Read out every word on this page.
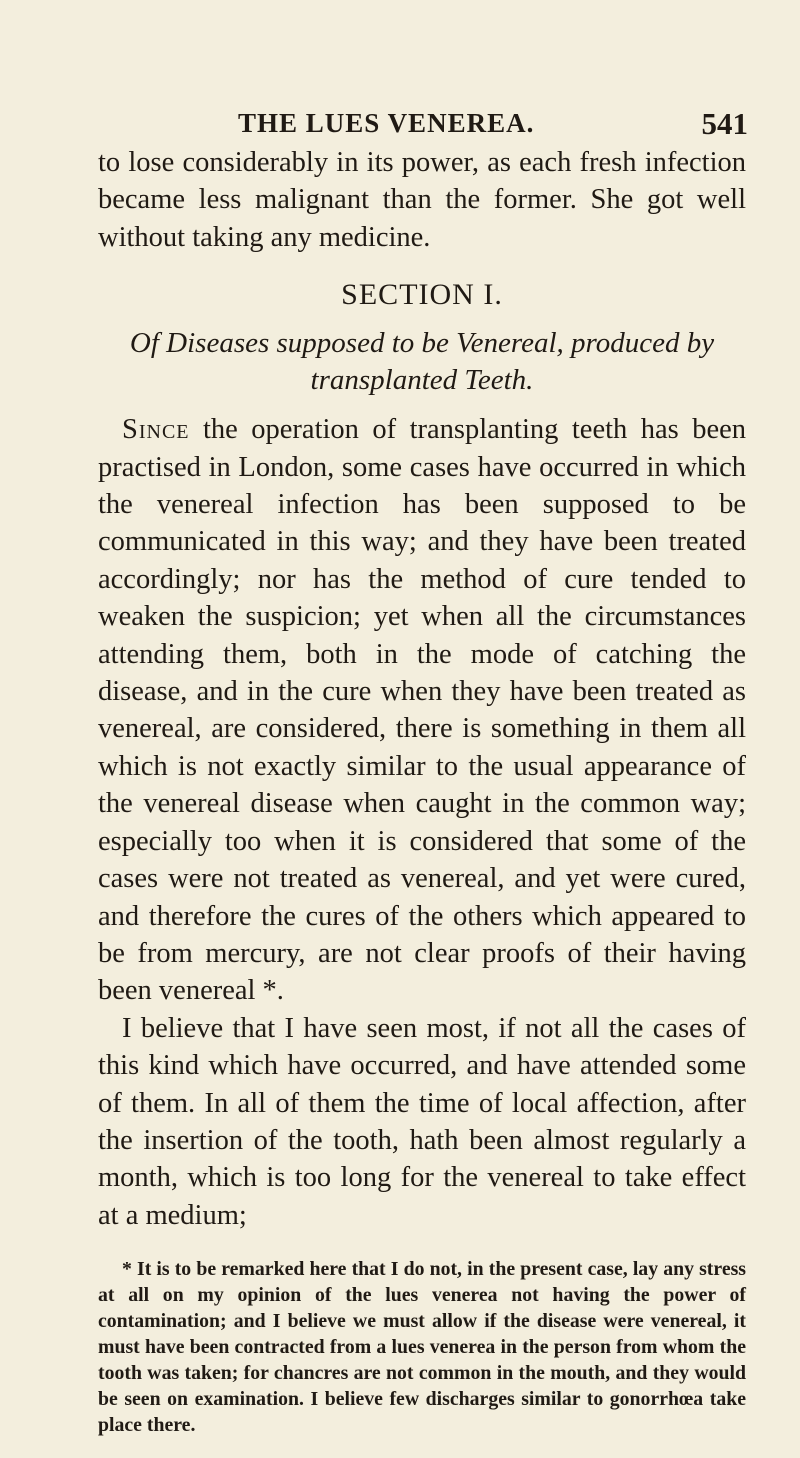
THE LUES VENEREA.	541

to lose considerably in its power, as each fresh infection became less malignant than the former. She got well without taking any medicine.

SECTION I.
Of Diseases supposed to be Venereal, produced by transplanted Teeth.

Since the operation of transplanting teeth has been practised in London, some cases have occurred in which the venereal infection has been supposed to be communicated in this way; and they have been treated accordingly; nor has the method of cure tended to weaken the suspicion; yet when all the circumstances attending them, both in the mode of catching the disease, and in the cure when they have been treated as venereal, are considered, there is something in them all which is not exactly similar to the usual appearance of the venereal disease when caught in the common way; especially too when it is considered that some of the cases were not treated as venereal, and yet were cured, and therefore the cures of the others which appeared to be from mercury, are not clear proofs of their having been venereal *.

I believe that I have seen most, if not all the cases of this kind which have occurred, and have attended some of them. In all of them the time of local affection, after the insertion of the tooth, hath been almost regularly a month, which is too long for the venereal to take effect at a medium;

* It is to be remarked here that I do not, in the present case, lay any stress at all on my opinion of the lues venerea not having the power of contamination; and I believe we must allow if the disease were venereal, it must have been contracted from a lues venerea in the person from whom the tooth was taken; for chancres are not common in the mouth, and they would be seen on examination. I believe few discharges similar to gonorrhœa take place there.
